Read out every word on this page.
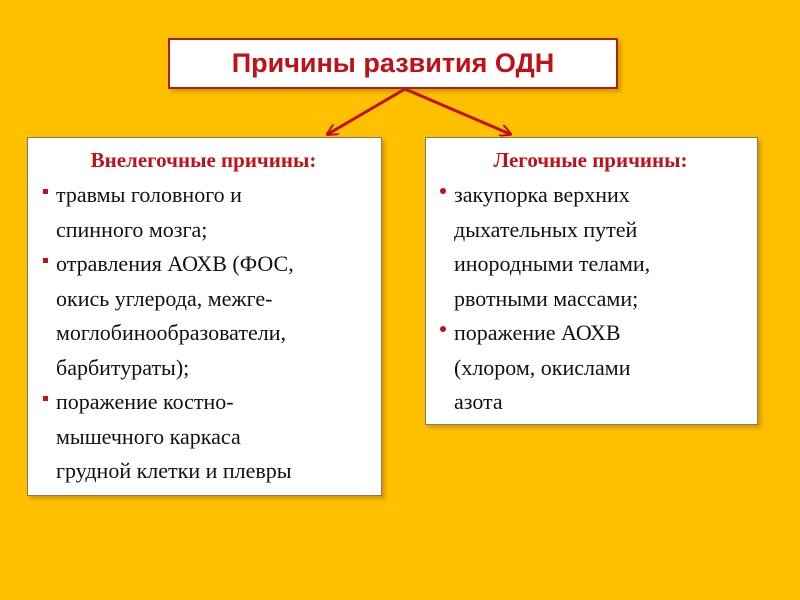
Причины развития ОДН
Внелегочные причины:
травмы головного и
спинного мозга;
отравления АОХВ (ФОС,
окись углерода, межге-
моглобинообразователи,
барбитураты);
поражение костно-
мышечного каркаса
грудной клетки и плевры
Легочные причины:
закупорка верхних
дыхательных путей
инородными телами,
рвотными массами;
поражение АОХВ
(хлором, окислами
азота
